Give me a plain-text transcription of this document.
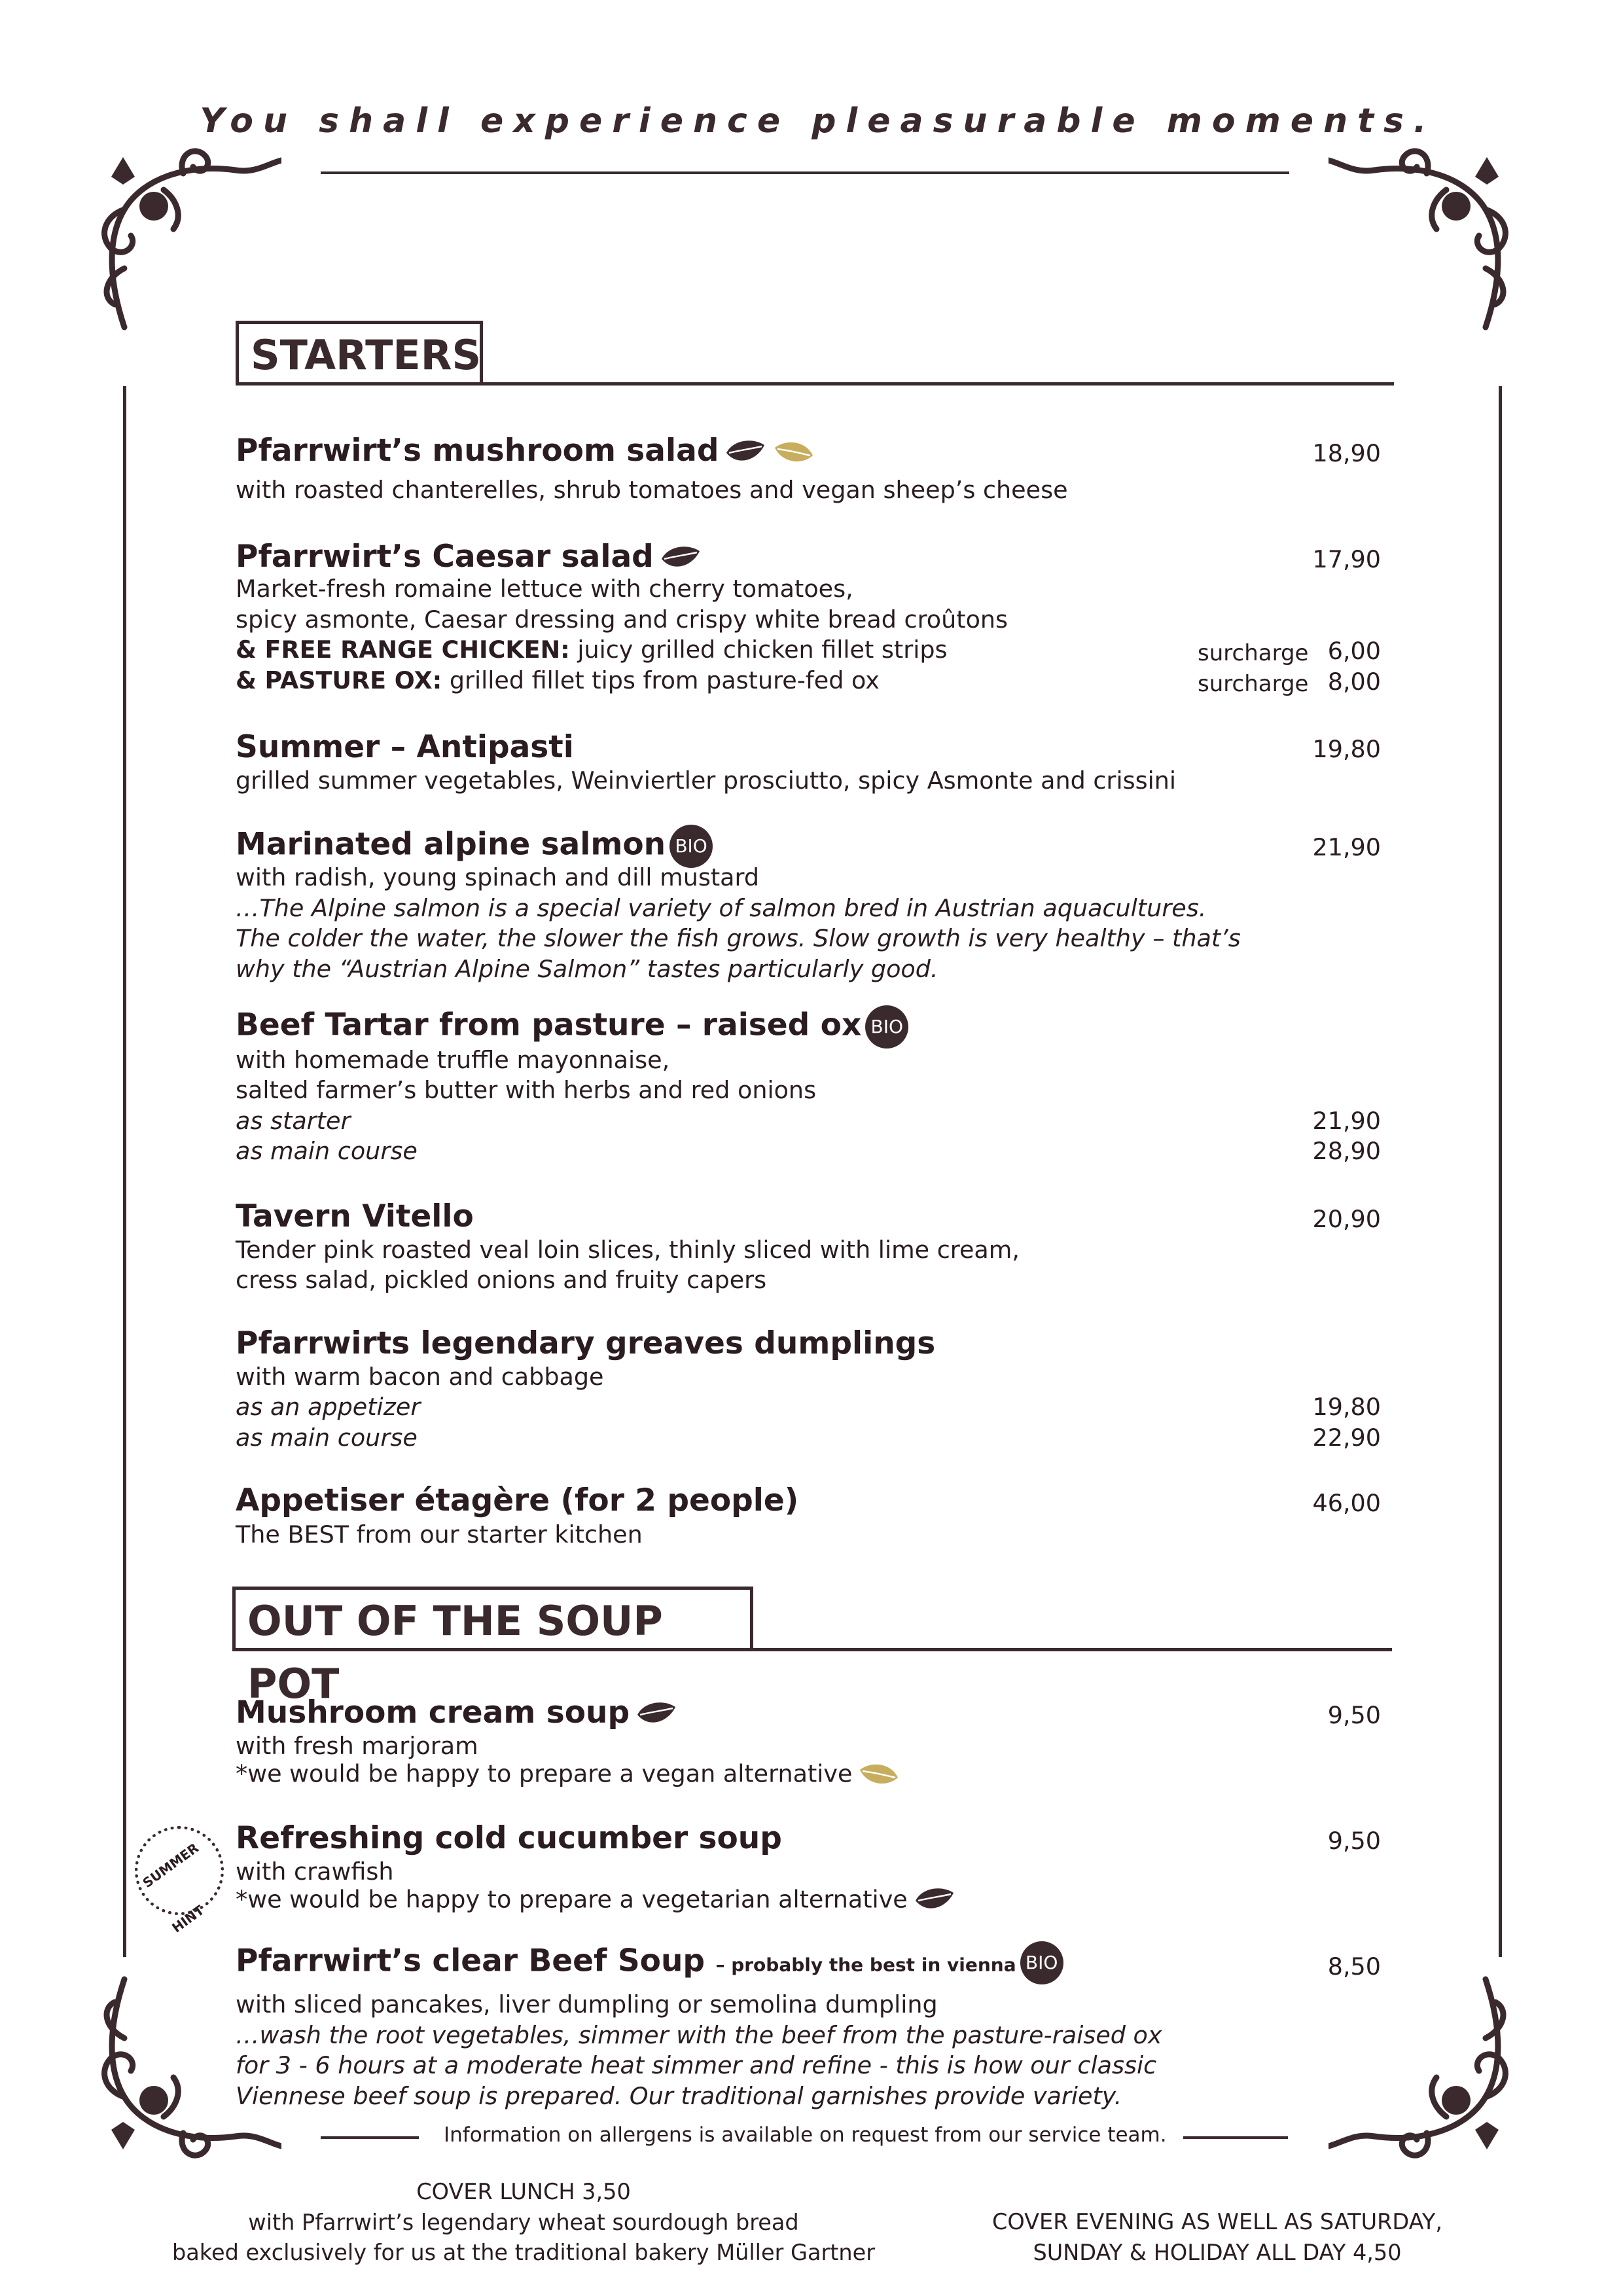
You shall experience pleasurable moments.
STARTERS
Pfarrwirt’s mushroom salad	18,90
with roasted chanterelles, shrub tomatoes and vegan sheep’s cheese
Pfarrwirt’s Caesar salad	17,90
Market-fresh romaine lettuce with cherry tomatoes,
spicy asmonte, Caesar dressing and crispy white bread croûtons
& FREE RANGE CHICKEN: juicy grilled chicken fillet strips	surcharge 6,00
& PASTURE OX: grilled fillet tips from pasture-fed ox	surcharge 8,00
Summer – Antipasti	19,80
grilled summer vegetables, Weinviertler prosciutto, spicy Asmonte and crissini
Marinated alpine salmon BIO	21,90
with radish, young spinach and dill mustard
…The Alpine salmon is a special variety of salmon bred in Austrian aquacultures.
The colder the water, the slower the fish grows. Slow growth is very healthy – that’s
why the “Austrian Alpine Salmon” tastes particularly good.
Beef Tartar from pasture – raised ox BIO
with homemade truffle mayonnaise,
salted farmer’s butter with herbs and red onions
as starter	21,90
as main course	28,90
Tavern Vitello	20,90
Tender pink roasted veal loin slices, thinly sliced with lime cream,
cress salad, pickled onions and fruity capers
Pfarrwirts legendary greaves dumplings
with warm bacon and cabbage
as an appetizer	19,80
as main course	22,90
Appetiser étagère (for 2 people)	46,00
The BEST from our starter kitchen
OUT OF THE SOUP POT
Mushroom cream soup	9,50
with fresh marjoram
*we would be happy to prepare a vegan alternative
SUMMER

HINT
Refreshing cold cucumber soup	9,50
with crawfish
*we would be happy to prepare a vegetarian alternative
Pfarrwirt’s clear Beef Soup – probably the best in vienna BIO	8,50
with sliced pancakes, liver dumpling or semolina dumpling
…wash the root vegetables, simmer with the beef from the pasture-raised ox
for 3 - 6 hours at a moderate heat simmer and refine - this is how our classic
Viennese beef soup is prepared. Our traditional garnishes provide variety.
Information on allergens is available on request from our service team.
COVER LUNCH 3,50
with Pfarrwirt’s legendary wheat sourdough bread
baked exclusively for us at the traditional bakery Müller Gartner
COVER EVENING AS WELL AS SATURDAY,
SUNDAY & HOLIDAY ALL DAY 4,50
